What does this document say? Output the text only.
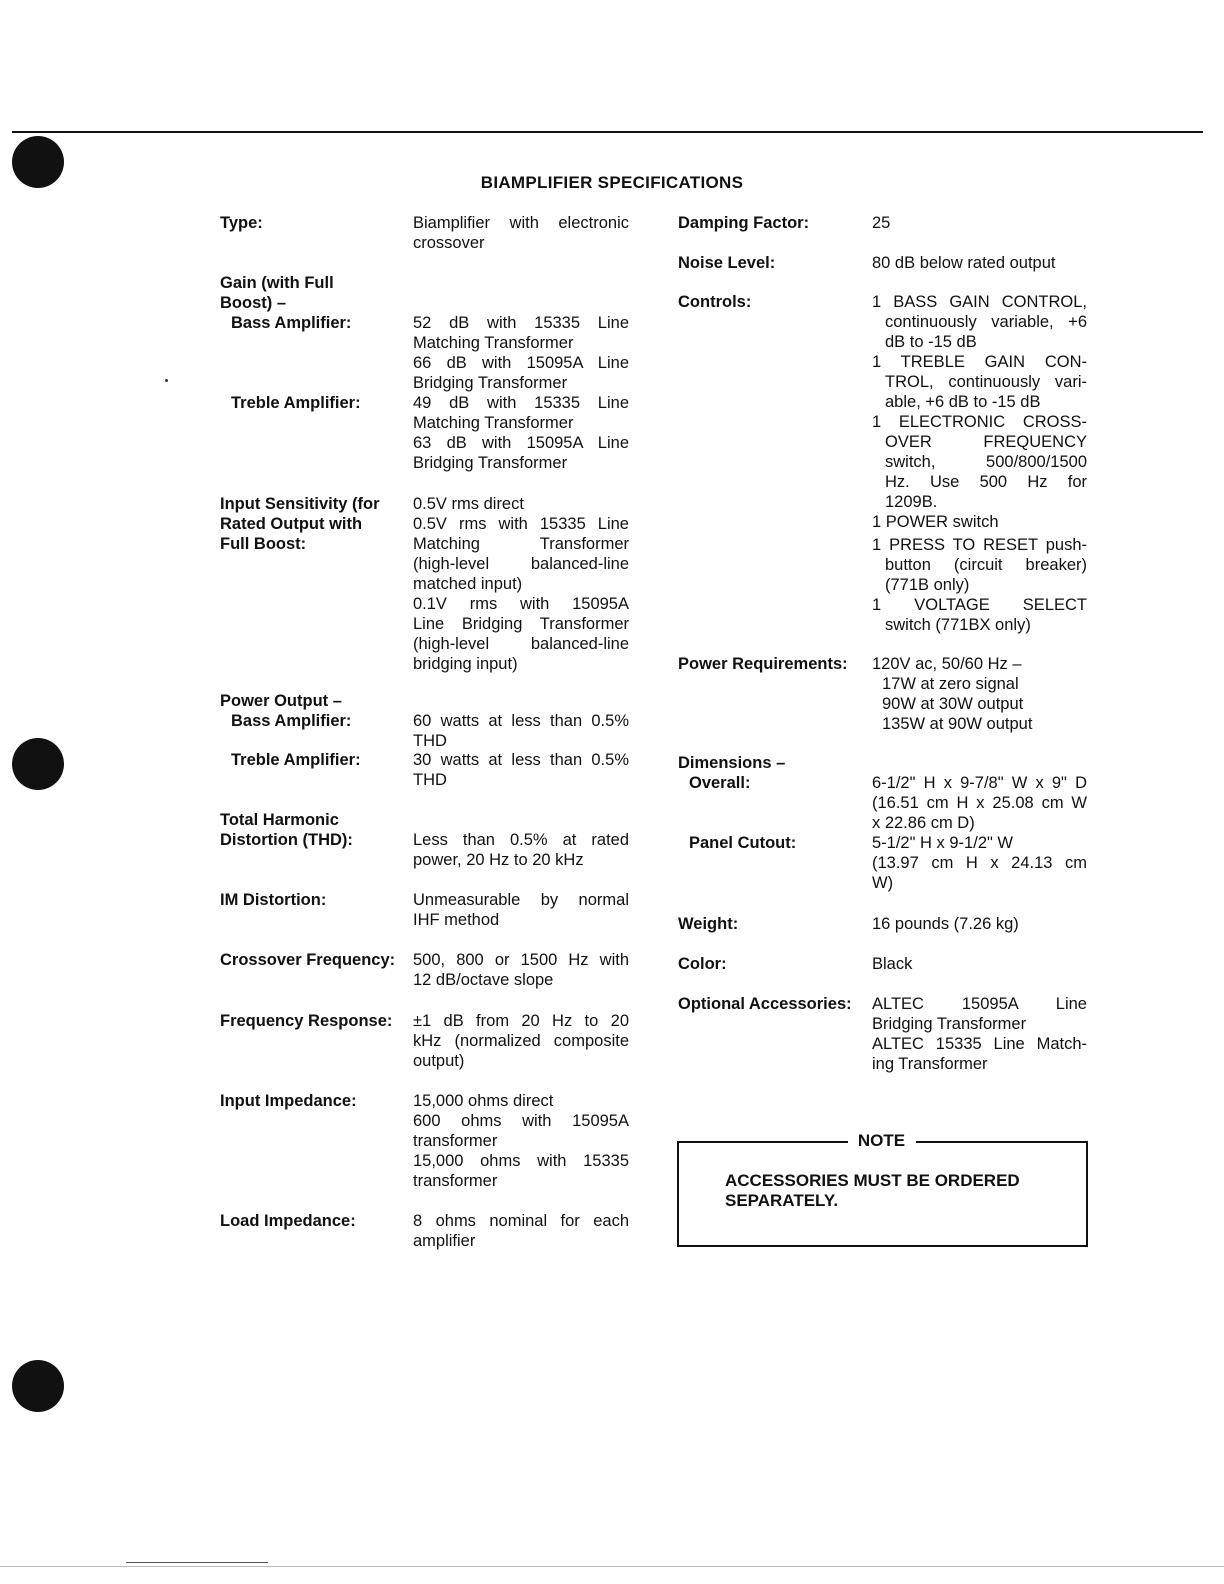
BIAMPLIFIER SPECIFICATIONS
Type:	Biamplifier with electronic
crossover
Gain (with Full
Boost) –
Bass Amplifier:	52 dB with 15335 Line
Matching Transformer
66 dB with 15095A Line
Bridging Transformer
Treble Amplifier:	49 dB with 15335 Line
Matching Transformer
63 dB with 15095A Line
Bridging Transformer
Input Sensitivity (for
Rated Output with
Full Boost:
0.5V rms direct
0.5V rms with 15335 Line
Matching Transformer
(high-level balanced-line
matched input)
0.1V rms with 15095A
Line Bridging Transformer
(high-level balanced-line
bridging input)
Power Output –
Bass Amplifier:	60 watts at less than 0.5%
THD
Treble Amplifier:	30 watts at less than 0.5%
THD
Total Harmonic
Distortion (THD):	Less than 0.5% at rated
power, 20 Hz to 20 kHz
IM Distortion:	Unmeasurable by normal
IHF method
Crossover Frequency: 500, 800 or 1500 Hz with
12 dB/octave slope
Frequency Response: ±1 dB from 20 Hz to 20
kHz (normalized composite
output)
Input Impedance:	15,000 ohms direct
600 ohms with 15095A
transformer
15,000 ohms with 15335
transformer
Load Impedance:	8 ohms nominal for each
amplifier
Damping Factor:	25
Noise Level:	80 dB below rated output
Controls:	1 BASS GAIN CONTROL,
continuously variable, +6
dB to -15 dB
1 TREBLE GAIN CON-
TROL, continuously vari-
able, +6 dB to -15 dB
1 ELECTRONIC CROSS-
OVER FREQUENCY
switch, 500/800/1500
Hz. Use 500 Hz for
1209B.
1 POWER switch
1 PRESS TO RESET push-
button (circuit breaker)
(771B only)
1 VOLTAGE SELECT
switch (771BX only)
Power Requirements: 120V ac, 50/60 Hz –
17W at zero signal
90W at 30W output
135W at 90W output
Dimensions –
Overall:	6-1/2" H x 9-7/8" W x 9" D
(16.51 cm H x 25.08 cm W
x 22.86 cm D)
Panel Cutout:	5-1/2" H x 9-1/2" W
(13.97 cm H x 24.13 cm
W)
Weight:	16 pounds (7.26 kg)
Color:	Black
Optional Accessories: ALTEC 15095A Line
Bridging Transformer
ALTEC 15335 Line Match-
ing Transformer
NOTE
ACCESSORIES MUST BE ORDERED
SEPARATELY.
